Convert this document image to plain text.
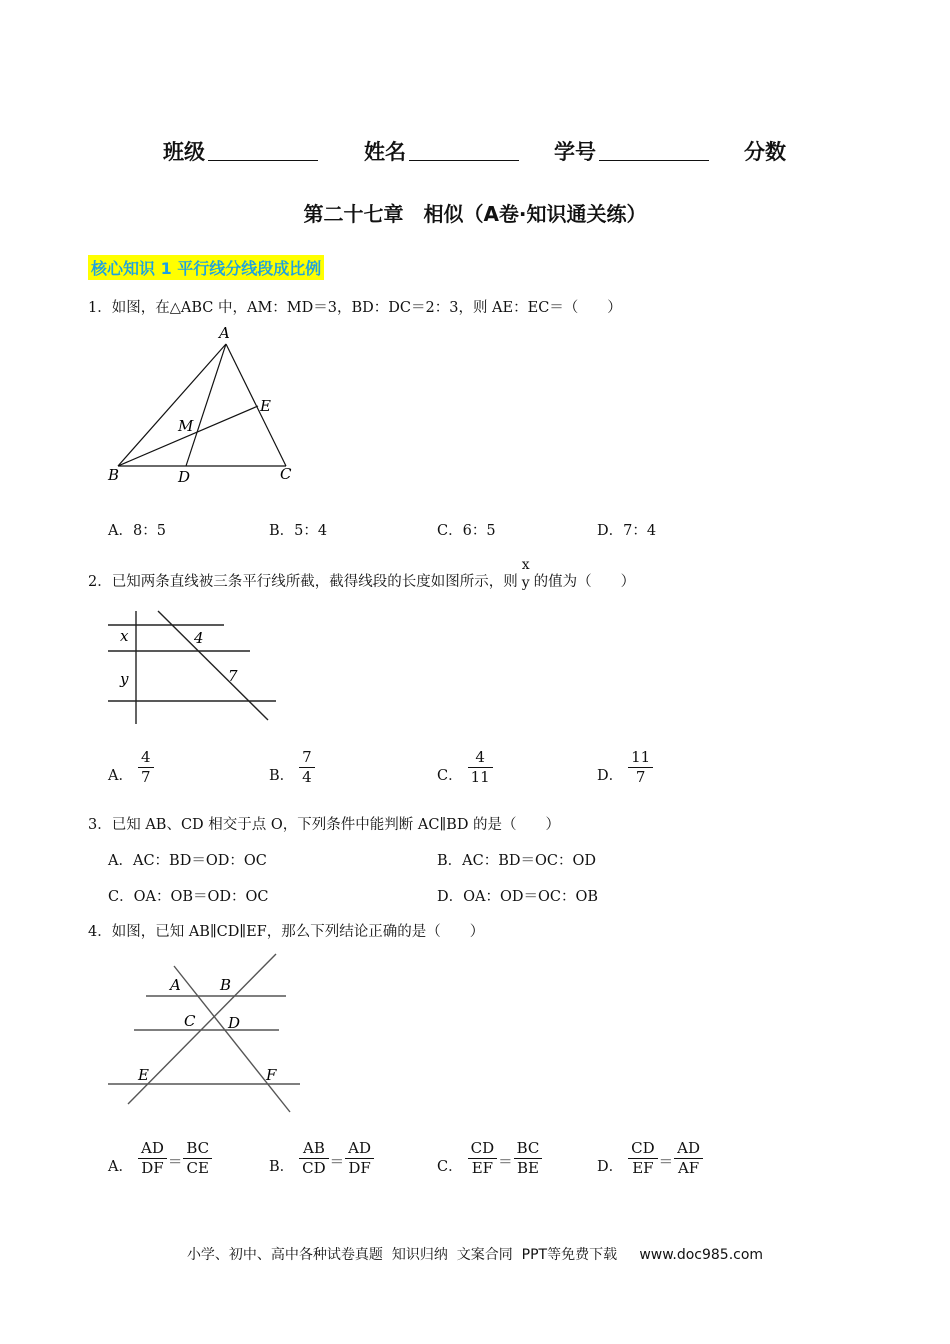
班级	姓名	学号	分数
第二十七章　相似（A卷·知识通关练）
核心知识 1 平行线分线段成比例
1．如图，在△ABC 中，AM：MD＝3，BD：DC＝2：3，则 AE：EC＝（　　）
A
E
M
B	D	C
A．8：5	B．5：4	C．6：5	D．7：4
2．已知两条直线被三条平行线所截，截得线段的长度如图所示，则
x
y 的值为（　　）
x	4
y	7
A． $\frac{4}{7}$	B． $\frac{7}{4}$	C． $\frac{4}{11}$	D． $\frac{11}{7}$
3．已知 AB、CD 相交于点 O，下列条件中能判断 AC∥BD 的是（　　）
A．AC：BD＝OD：OC	B．AC：BD＝OC：OD
C．OA：OB＝OD：OC	D．OA：OD＝OC：OB
4．如图，已知 AB∥CD∥EF，那么下列结论正确的是（　　）
A	B
C D
E	F
A． $\frac{AD}{DF} = \frac{BC}{CE}$	B． $\frac{AB}{CD} = \frac{AD}{DF}$	C． $\frac{CD}{EF} = \frac{BC}{BE}$	D． $\frac{CD}{EF} = \frac{AD}{AF}$
小学、初中、高中各种试卷真题  知识归纳  文案合同  PPT等免费下载     www.doc985.com
